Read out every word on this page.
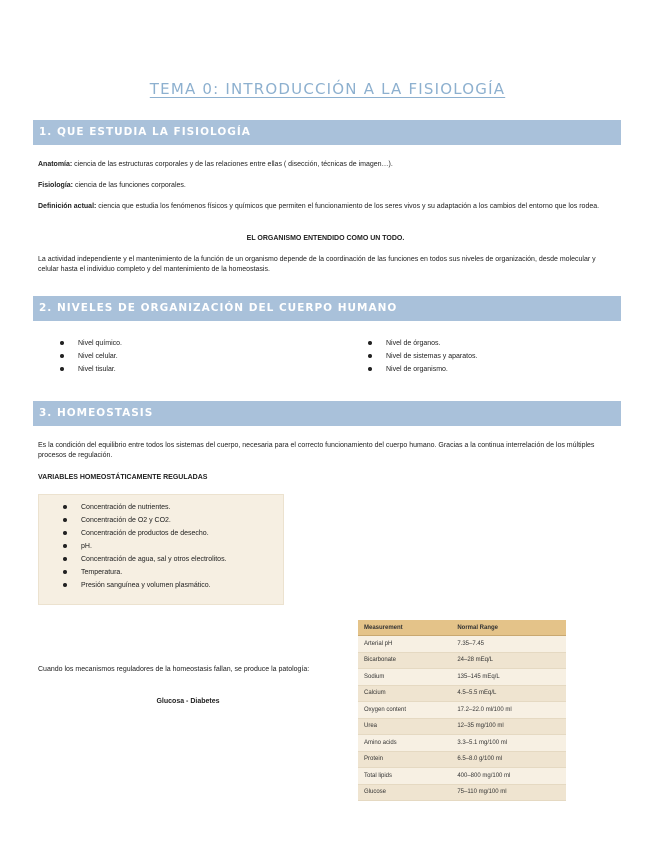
TEMA 0: INTRODUCCIÓN A LA FISIOLOGÍA
1. QUE ESTUDIA LA FISIOLOGÍA
Anatomía: ciencia de las estructuras corporales y de las relaciones entre ellas ( disección, técnicas de imagen…).
Fisiología: ciencia de las funciones corporales.
Definición actual: ciencia que estudia los fenómenos físicos y químicos que permiten el funcionamiento de los seres vivos y su adaptación a los cambios del entorno que los rodea.
EL ORGANISMO ENTENDIDO COMO UN TODO.
La actividad independiente y el mantenimiento de la función de un organismo depende de la coordinación de las funciones en todos sus niveles de organización, desde molecular y celular hasta el individuo completo y del mantenimiento de la homeostasis.
2. NIVELES DE ORGANIZACIÓN DEL CUERPO HUMANO
Nivel químico.
Nivel celular.
Nivel tisular.
Nivel de órganos.
Nivel de sistemas y aparatos.
Nivel de organismo.
3. HOMEOSTASIS
Es la condición del equilibrio entre todos los sistemas del cuerpo, necesaria para el correcto funcionamiento del cuerpo humano. Gracias a la continua interrelación de los múltiples procesos de regulación.
VARIABLES HOMEOSTÁTICAMENTE REGULADAS
Concentración de nutrientes.
Concentración de O2 y CO2.
Concentración de productos de desecho.
pH.
Concentración de agua, sal y otros electrolitos.
Temperatura.
Presión sanguínea y volumen plasmático.
Cuando los mecanismos reguladores de la homeostasis fallan, se produce la patología:
Glucosa - Diabetes
Measurement	Normal Range
Arterial pH	7.35–7.45
Bicarbonate	24–28 mEq/L
Sodium	135–145 mEq/L
Calcium	4.5–5.5 mEq/L
Oxygen content	17.2–22.0 ml/100 ml
Urea	12–35 mg/100 ml
Amino acids	3.3–5.1 mg/100 ml
Protein	6.5–8.0 g/100 ml
Total lipids	400–800 mg/100 ml
Glucose	75–110 mg/100 ml
